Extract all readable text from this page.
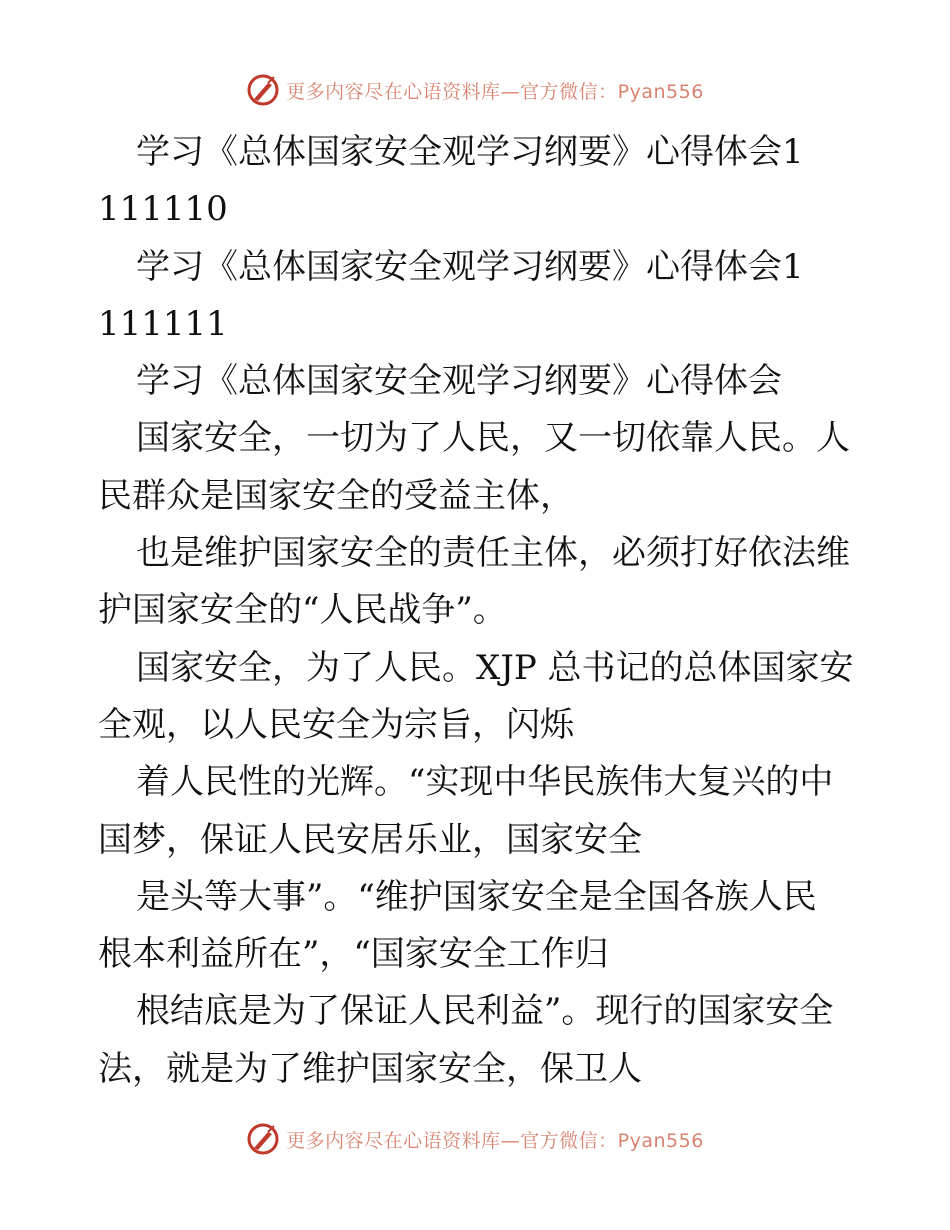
更多内容尽在心语资料库—官方微信：Pyan556
学习《总体国家安全观学习纲要》心得体会1
111110
学习《总体国家安全观学习纲要》心得体会1
111111
学习《总体国家安全观学习纲要》心得体会
国家安全，一切为了人民，又一切依靠人民。人
民群众是国家安全的受益主体，
也是维护国家安全的责任主体，必须打好依法维
护国家安全的“人民战争”。
国家安全，为了人民。XJP 总书记的总体国家安
全观，以人民安全为宗旨，闪烁
着人民性的光辉。“实现中华民族伟大复兴的中
国梦，保证人民安居乐业，国家安全
是头等大事”。“维护国家安全是全国各族人民
根本利益所在”，“国家安全工作归
根结底是为了保证人民利益”。现行的国家安全
法，就是为了维护国家安全，保卫人
更多内容尽在心语资料库—官方微信：Pyan556
